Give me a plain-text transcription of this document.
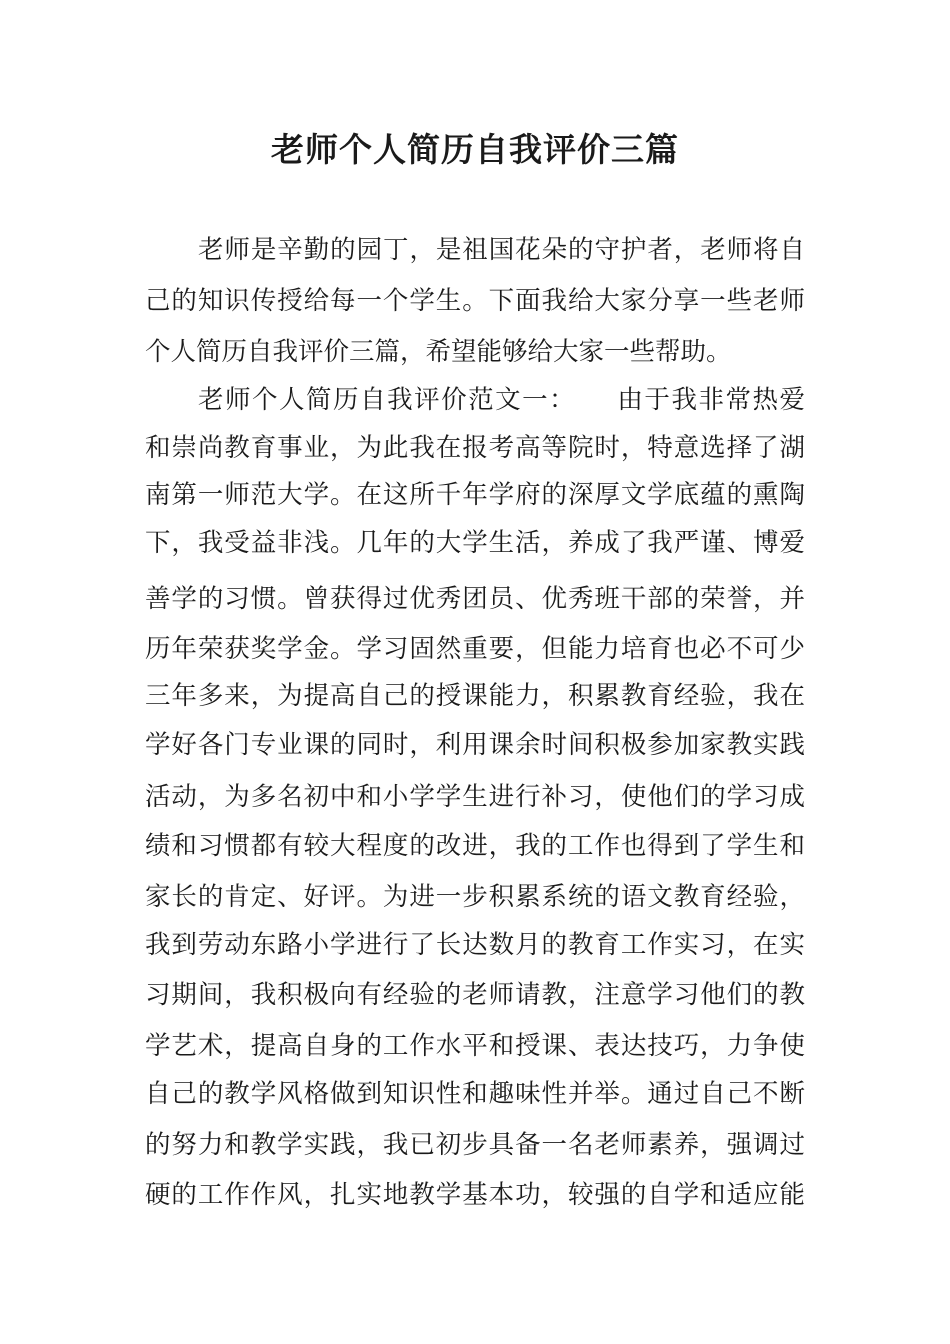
老师个人简历自我评价三篇

老师是辛勤的园丁，是祖国花朵的守护者，老师将自

己的知识传授给每一个学生。下面我给大家分享一些老师

个人简历自我评价三篇，希望能够给大家一些帮助。

老师个人简历自我评价范文一：　　由于我非常热爱

和崇尚教育事业，为此我在报考高等院时，特意选择了湖

南第一师范大学。在这所千年学府的深厚文学底蕴的熏陶

下，我受益非浅。几年的大学生活，养成了我严谨、博爱

善学的习惯。曾获得过优秀团员、优秀班干部的荣誉，并

历年荣获奖学金。学习固然重要，但能力培育也必不可少

三年多来，为提高自己的授课能力，积累教育经验，我在

学好各门专业课的同时，利用课余时间积极参加家教实践

活动，为多名初中和小学学生进行补习，使他们的学习成

绩和习惯都有较大程度的改进，我的工作也得到了学生和

家长的肯定、好评。为进一步积累系统的语文教育经验，

我到劳动东路小学进行了长达数月的教育工作实习，在实

习期间，我积极向有经验的老师请教，注意学习他们的教

学艺术，提高自身的工作水平和授课、表达技巧，力争使

自己的教学风格做到知识性和趣味性并举。通过自己不断

的努力和教学实践，我已初步具备一名老师素养，强调过

硬的工作作风，扎实地教学基本功，较强的自学和适应能
